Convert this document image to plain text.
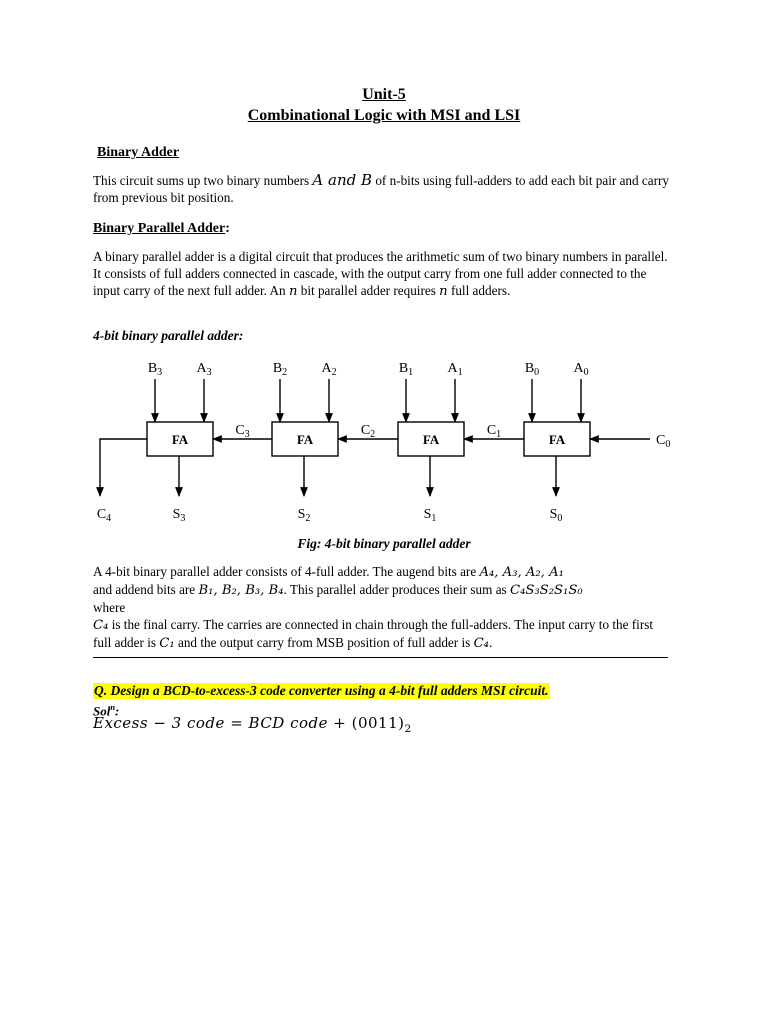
Unit-5
Combinational Logic with MSI and LSI
Binary Adder
This circuit sums up two binary numbers A and B of n-bits using full-adders to add each bit pair and carry from previous bit position.
Binary Parallel Adder:
A binary parallel adder is a digital circuit that produces the arithmetic sum of two binary numbers in parallel. It consists of full adders connected in cascade, with the output carry from one full adder connected to the input carry of the next full adder. An n bit parallel adder requires n full adders.
4-bit binary parallel adder:
FA
$B_3$ $A_3$
$S_3$
FA
$B_2$ $A_2$
$S_2$
FA
$B_1$ $A_1$
$S_1$
FA
$B_0$ $A_0$
$S_0$
$C_3$	$C_2$	$C_1$	$C_0$
$C_4$
Fig: 4-bit binary parallel adder
A 4-bit binary parallel adder consists of 4-full adder. The augend bits are A₄, A₃, A₂, A₁
and addend bits are B₁, B₂, B₃, B₄. This parallel adder produces their sum as C₄S₃S₂S₁S₀
where
C₄ is the final carry. The carries are connected in chain through the full-adders. The input carry to the first full adder is C₁ and the output carry from MSB position of full adder is C₄.
Q. Design a BCD-to-excess-3 code converter using a 4-bit full adders MSI circuit.
Sol$^n$:
Excess − 3 code = BCD code + $(0011)_2$
